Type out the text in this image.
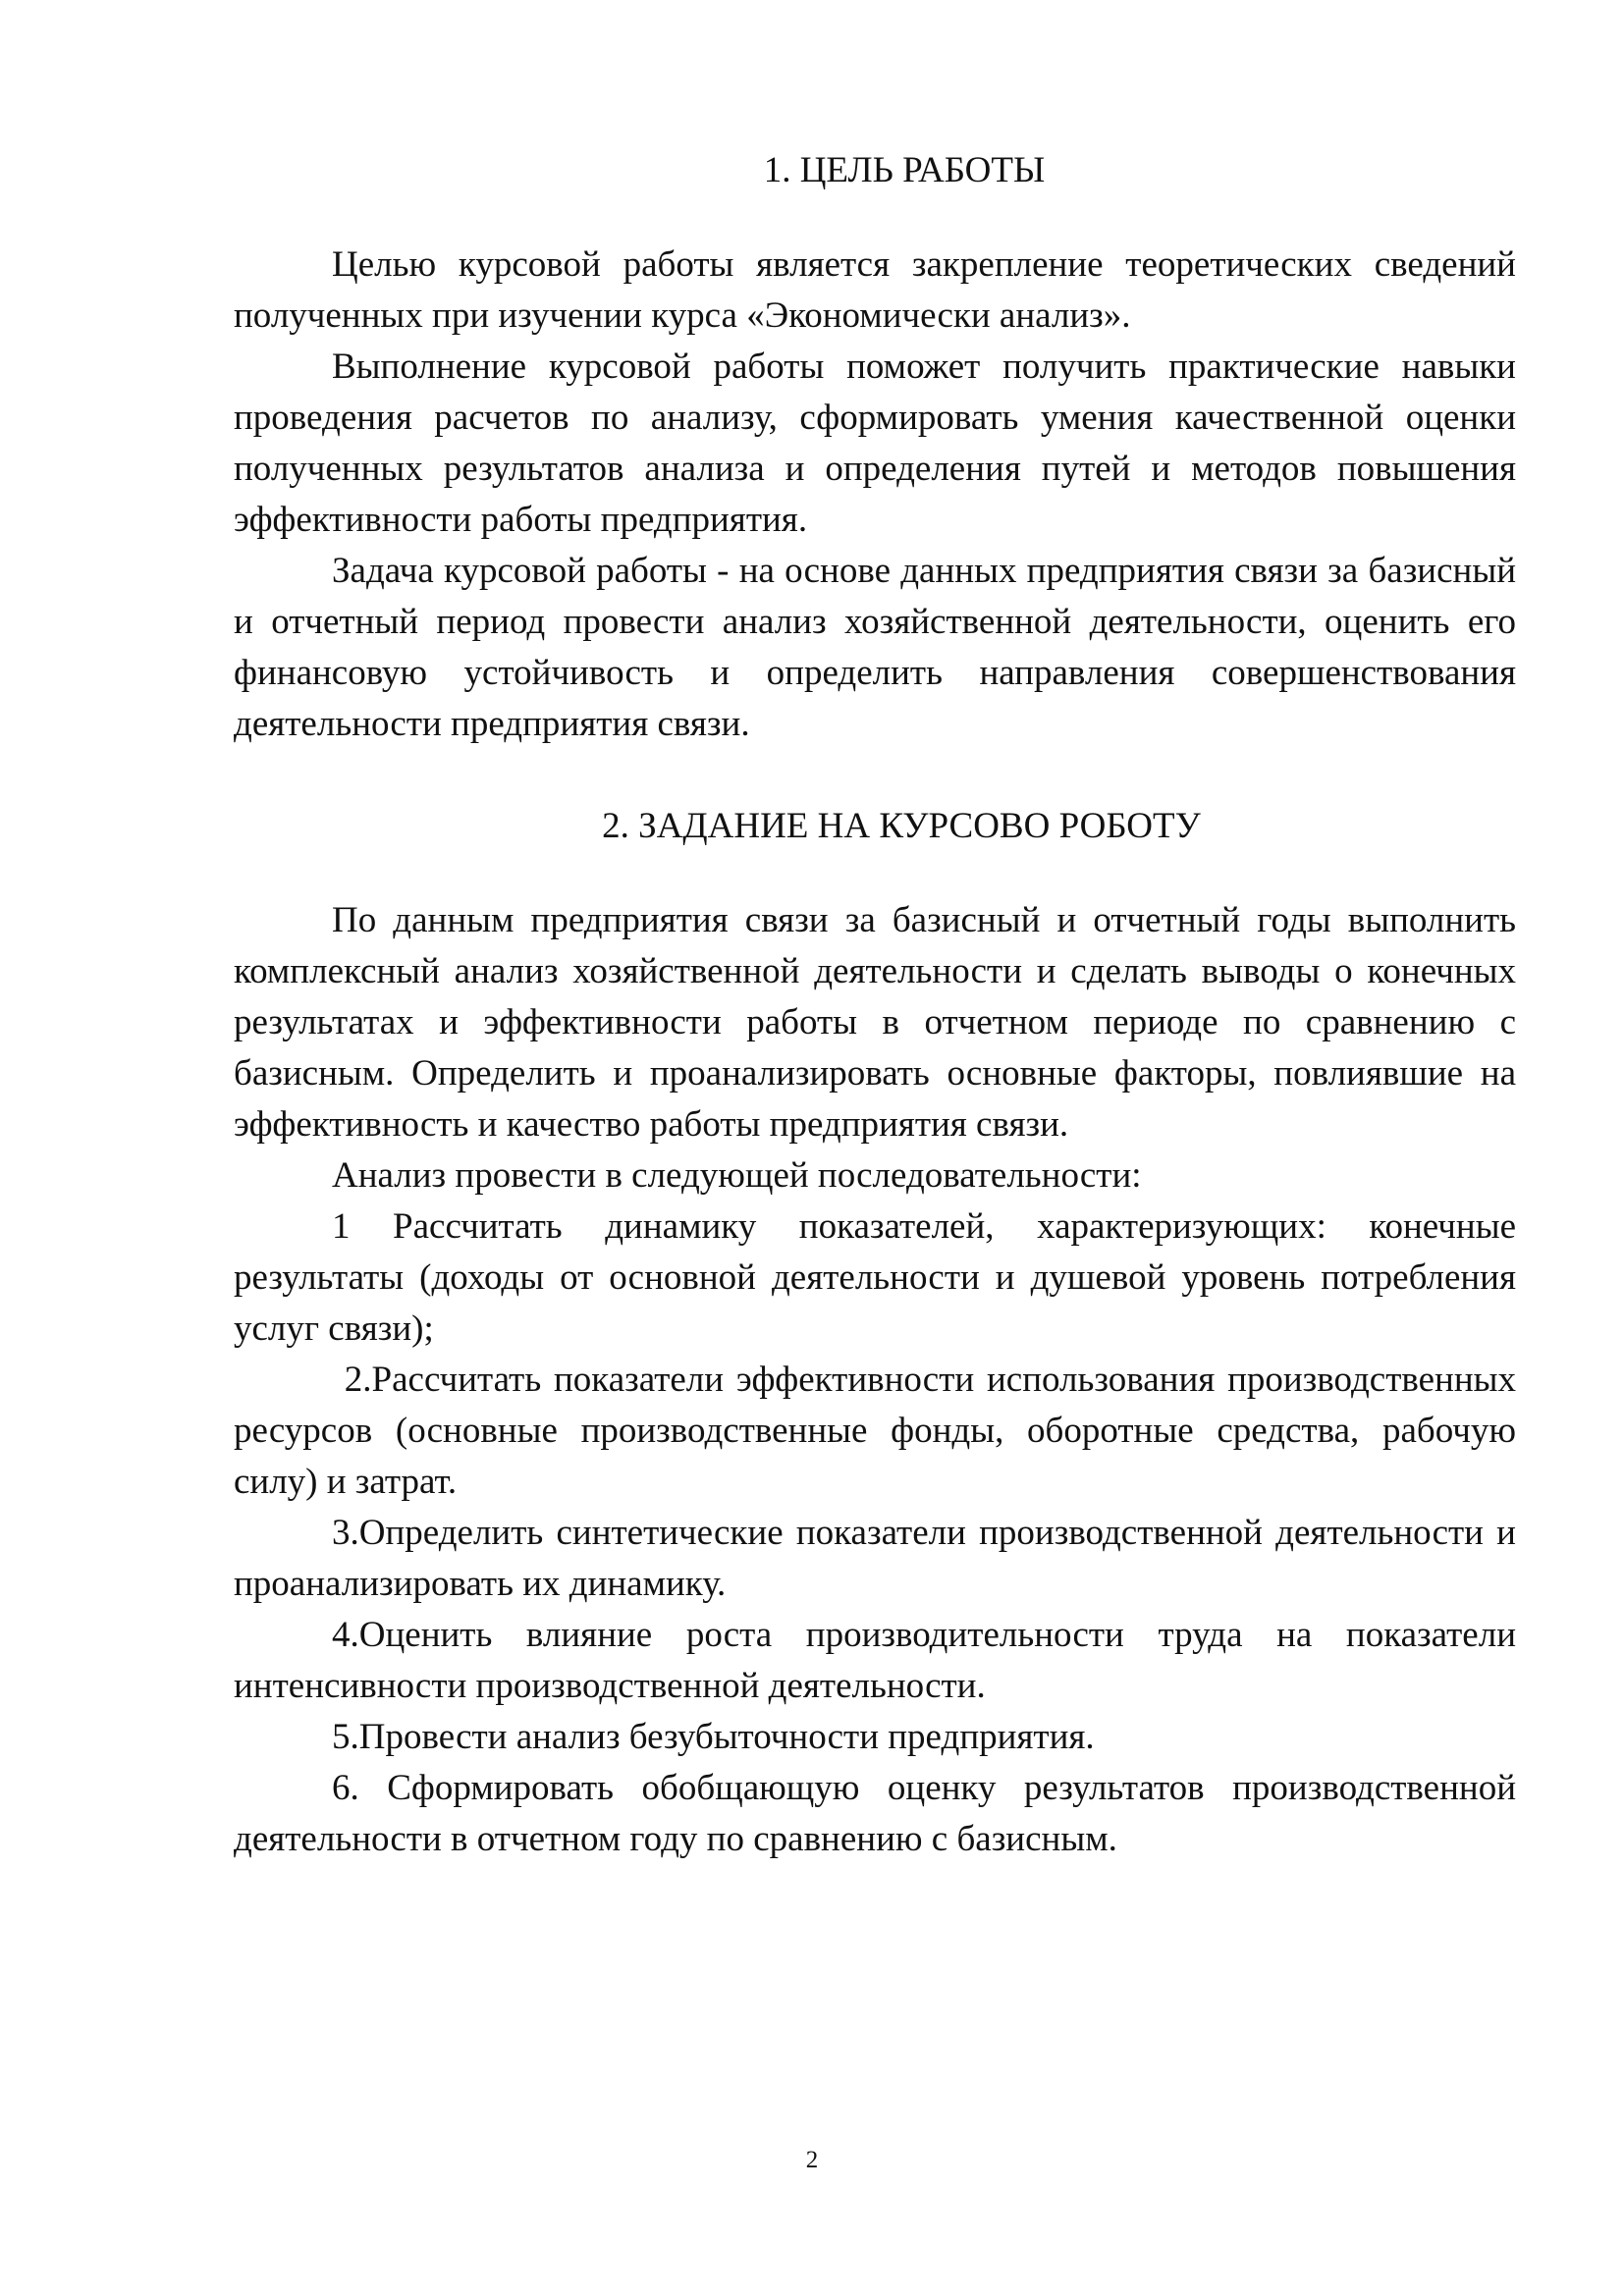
1. ЦЕЛЬ РАБОТЫ

Целью курсовой работы является закрепление теоретических сведений полученных при изучении курса «Экономически анализ».

Выполнение курсовой работы поможет получить практические навыки проведения расчетов по анализу, сформировать умения качественной оценки полученных результатов анализа и определения путей и методов повышения эффективности работы предприятия.

Задача курсовой работы - на основе данных предприятия связи за базисный и отчетный период провести анализ хозяйственной деятельности, оценить его финансовую устойчивость и определить направления совершенствования деятельности предприятия связи.

2. ЗАДАНИЕ НА КУРСОВО РОБОТУ

По данным предприятия связи за базисный и отчетный годы выполнить комплексный анализ хозяйственной деятельности и сделать выводы о конечных результатах и эффективности работы в отчетном периоде по сравнению с базисным. Определить и проанализировать основные факторы, повлиявшие на эффективность и качество работы предприятия связи.

Анализ провести в следующей последовательности:

1 Рассчитать динамику показателей, характеризующих: конечные результаты (доходы от основной деятельности и душевой уровень потребления услуг связи);

2.Рассчитать показатели эффективности использования производственных ресурсов (основные производственные фонды, оборотные средства, рабочую силу) и затрат.

3.Определить синтетические показатели производственной деятельности и проанализировать их динамику.

4.Оценить влияние роста производительности труда на показатели интенсивности производственной деятельности.

5.Провести анализ безубыточности предприятия.

6. Сформировать обобщающую оценку результатов производственной деятельности в отчетном году по сравнению с базисным.

2
